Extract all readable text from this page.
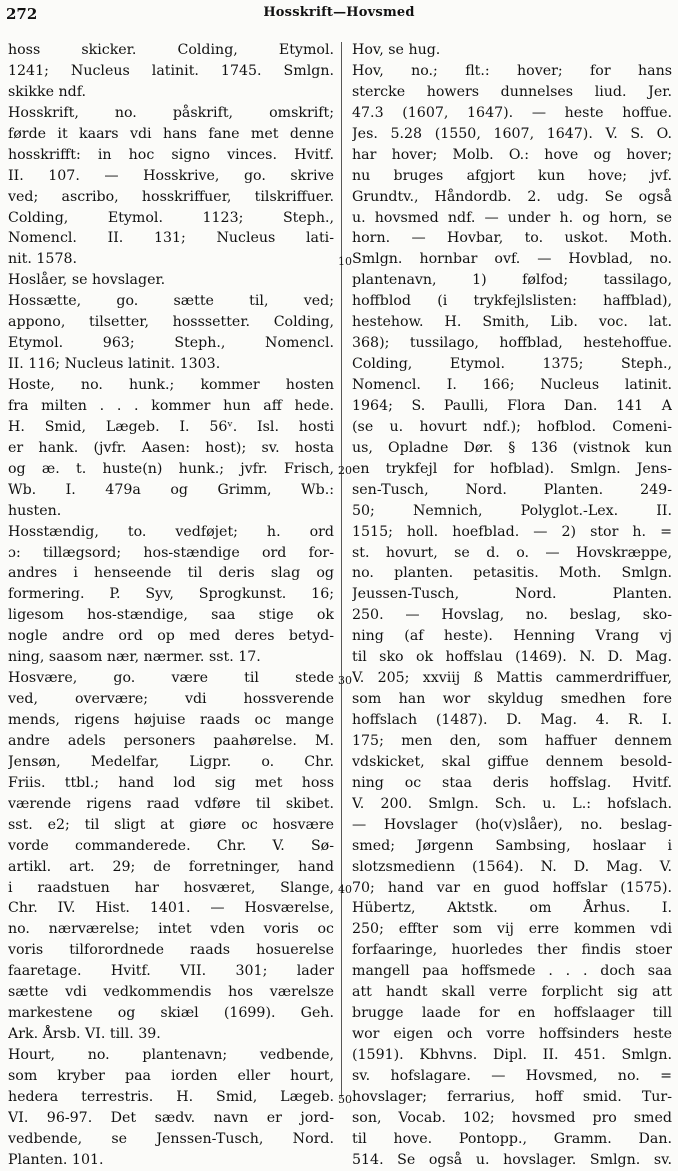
272	Hosskrift—Hovsmed
hoss skicker. Colding, Etymol.
1241; Nucleus latinit. 1745. Smlgn.
skikke ndf.
Hosskrift, no. påskrift, omskrift;
førde it kaars vdi hans fane met denne
hosskrifft: in hoc signo vinces. Hvitf.
II. 107. — Hosskrive, go. skrive
ved; ascribo, hosskriffuer, tilskriffuer.
Colding, Etymol. 1123; Steph.,
Nomencl. II. 131; Nucleus lati-
nit. 1578.
Hoslåer, se hovslager.
Hossætte, go. sætte til, ved;
appono, tilsetter, hosssetter. Colding,
Etymol. 963; Steph., Nomencl.
II. 116; Nucleus latinit. 1303.
Hoste, no. hunk.; kommer hosten
fra milten . . . kommer hun aff hede.
H. Smid, Lægeb. I. 56ᵛ. Isl. hosti
er hank. (jvfr. Aasen: host); sv. hosta
og æ. t. huste(n) hunk.; jvfr. Frisch,
Wb. I. 479a og Grimm, Wb.:
husten.
Hosstændig, to. vedføjet; h. ord
ɔ: tillægsord; hos-stændige ord for-
andres i henseende til deris slag og
formering. P. Syv, Sprogkunst. 16;
ligesom hos-stændige, saa stige ok
nogle andre ord op med deres betyd-
ning, saasom nær, nærmer. sst. 17.
Hosvære, go. være til stede
ved, overvære; vdi hossverende
mends, rigens højuise raads oc mange
andre adels personers paahørelse. M.
Jensøn, Medelfar, Ligpr. o. Chr.
Friis. ttbl.; hand lod sig met hoss
værende rigens raad vdføre til skibet.
sst. e2; til sligt at giøre oc hosvære
vorde commanderede. Chr. V. Sø-
artikl. art. 29; de forretninger, hand
i raadstuen har hosværet, Slange,
Chr. IV. Hist. 1401. — Hosværelse,
no. nærværelse; intet vden voris oc
voris tilforordnede raads hosuerelse
faaretage. Hvitf. VII. 301; lader
sætte vdi vedkommendis hos værelsze
markestene og skiæl (1699). Geh.
Ark. Årsb. VI. till. 39.
Hourt, no. plantenavn; vedbende,
som kryber paa iorden eller hourt,
hedera terrestris. H. Smid, Lægeb.
VI. 96-97. Det sædv. navn er jord-
vedbende, se Jenssen-Tusch, Nord.
Planten. 101.
10
20
30
40
50
Hov, se hug.
Hov, no.; flt.: hover; for hans
stercke howers dunnelses liud. Jer.
47.3 (1607, 1647). — heste hoffue.
Jes. 5.28 (1550, 1607, 1647). V. S. O.
har hover; Molb. O.: hove og hover;
nu bruges afgjort kun hove; jvf.
Grundtv., Håndordb. 2. udg. Se også
u. hovsmed ndf. — under h. og horn, se
horn. — Hovbar, to. uskot. Moth.
Smlgn. hornbar ovf. — Hovblad, no.
plantenavn, 1) følfod; tassilago,
hoffblod (i trykfejlslisten: haffblad),
hestehow. H. Smith, Lib. voc. lat.
368); tussilago, hoffblad, hestehoffue.
Colding, Etymol. 1375; Steph.,
Nomencl. I. 166; Nucleus latinit.
1964; S. Paulli, Flora Dan. 141 A
(se u. hovurt ndf.); hofblod. Comeni-
us, Opladne Dør. § 136 (vistnok kun
en trykfejl for hofblad). Smlgn. Jens-
sen-Tusch, Nord. Planten. 249-
50; Nemnich, Polyglot.-Lex. II.
1515; holl. hoefblad. — 2) stor h. =
st. hovurt, se d. o. — Hovskræppe,
no. planten. petasitis. Moth. Smlgn.
Jeussen-Tusch, Nord. Planten.
250. — Hovslag, no. beslag, sko-
ning (af heste). Henning Vrang vj
til sko ok hoffslau (1469). N. D. Mag.
V. 205; xxviij ß Mattis cammerdriffuer,
som han wor skyldug smedhen fore
hoffslach (1487). D. Mag. 4. R. I.
175; men den, som haffuer dennem
vdskicket, skal giffue dennem besold-
ning oc staa deris hoffslag. Hvitf.
V. 200. Smlgn. Sch. u. L.: hofslach.
— Hovslager (ho(v)slåer), no. beslag-
smed; Jørgenn Sambsing, hoslaar i
slotzsmedienn (1564). N. D. Mag. V.
70; hand var en guod hoffslar (1575).
Hübertz, Aktstk. om Århus. I.
250; effter som vij erre kommen vdi
forfaaringe, huorledes ther findis stoer
mangell paa hoffsmede . . . doch saa
att handt skall verre forplicht sig att
brugge laade for en hoffslaager till
wor eigen och vorre hoffsinders heste
(1591). Kbhvns. Dipl. II. 451. Smlgn.
sv. hofslagare. — Hovsmed, no. =
hovslager; ferrarius, hoff smid. Tur-
son, Vocab. 102; hovsmed pro smed
til hove. Pontopp., Gramm. Dan.
514. Se også u. hovslager. Smlgn. sv.
